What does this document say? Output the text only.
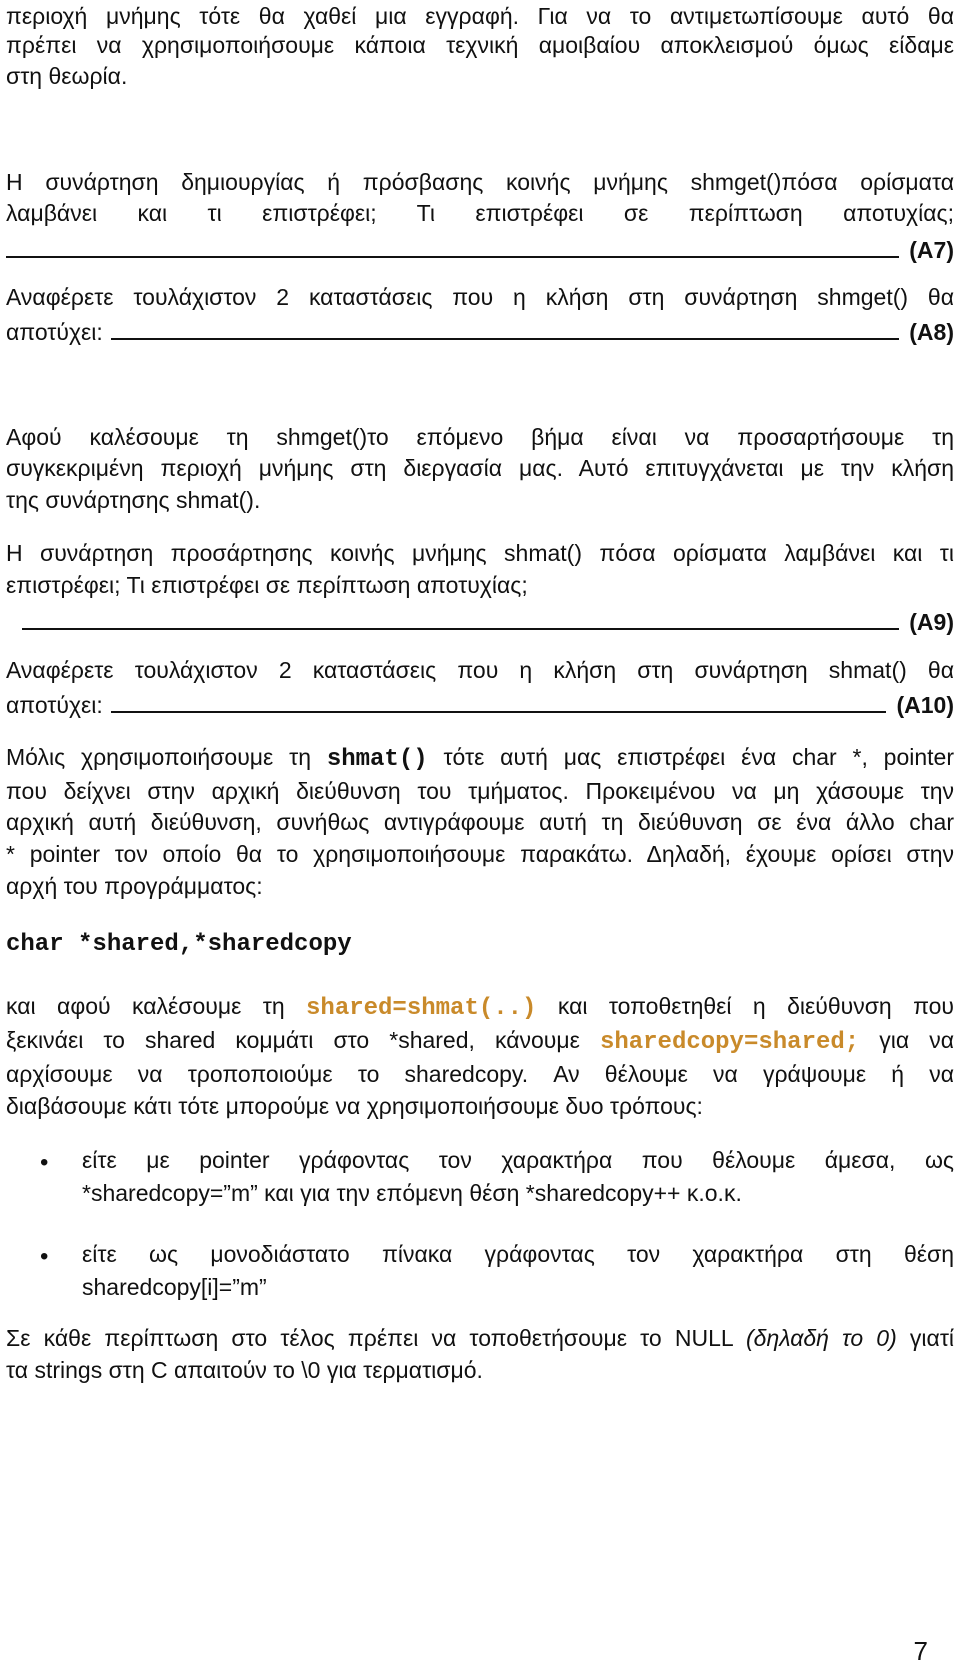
περιοχή μνήμης τότε θα χαθεί μια εγγραφή. Για να το αντιμετωπίσουμε αυτό θα
πρέπει να χρησιμοποιήσουμε κάποια τεχνική αμοιβαίου αποκλεισμού όμως είδαμε
στη θεωρία.
Η συνάρτηση δημιουργίας ή πρόσβασης κοινής μνήμης shmget()πόσα ορίσματα
λαμβάνει και τι επιστρέφει; Τι επιστρέφει σε περίπτωση αποτυχίας;
(A7)
Αναφέρετε τουλάχιστον 2 καταστάσεις που η κλήση στη συνάρτηση shmget() θα
αποτύχει:	(A8)
Αφού καλέσουμε τη shmget()το επόμενο βήμα είναι να προσαρτήσουμε τη
συγκεκριμένη περιοχή μνήμης στη διεργασία μας. Αυτό επιτυγχάνεται με την κλήση
της συνάρτησης shmat().
Η συνάρτηση προσάρτησης κοινής μνήμης shmat() πόσα ορίσματα λαμβάνει και τι
επιστρέφει; Τι επιστρέφει σε περίπτωση αποτυχίας;
(A9)
Αναφέρετε τουλάχιστον 2 καταστάσεις που η κλήση στη συνάρτηση shmat() θα
αποτύχει:	(A10)
Μόλις χρησιμοποιήσουμε τη shmat() τότε αυτή μας επιστρέφει ένα char *, pointer
που δείχνει στην αρχική διεύθυνση του τμήματος. Προκειμένου να μη χάσουμε την
αρχική αυτή διεύθυνση, συνήθως αντιγράφουμε αυτή τη διεύθυνση σε ένα άλλο char
* pointer τον οποίο θα το χρησιμοποιήσουμε παρακάτω. Δηλαδή, έχουμε ορίσει στην
αρχή του προγράμματος:
char *shared,*sharedcopy
και αφού καλέσουμε τη shared=shmat(..) και τοποθετηθεί η διεύθυνση που
ξεκινάει το shared κομμάτι στο *shared, κάνουμε sharedcopy=shared; για να
αρχίσουμε να τροποποιούμε το sharedcopy. Αν θέλουμε να γράψουμε ή να
διαβάσουμε κάτι τότε μπορούμε να χρησιμοποιήσουμε δυο τρόπους:
•	είτε με pointer γράφοντας τον χαρακτήρα που θέλουμε άμεσα, ως
*sharedcopy=”m” και για την επόμενη θέση *sharedcopy++ κ.ο.κ.
•	είτε ως μονοδιάστατο πίνακα γράφοντας τον χαρακτήρα στη θέση
sharedcopy[i]=”m”
Σε κάθε περίπτωση στο τέλος πρέπει να τοποθετήσουμε το NULL (δηλαδή το 0) γιατί
τα strings στη C απαιτούν το \0 για τερματισμό.
7
